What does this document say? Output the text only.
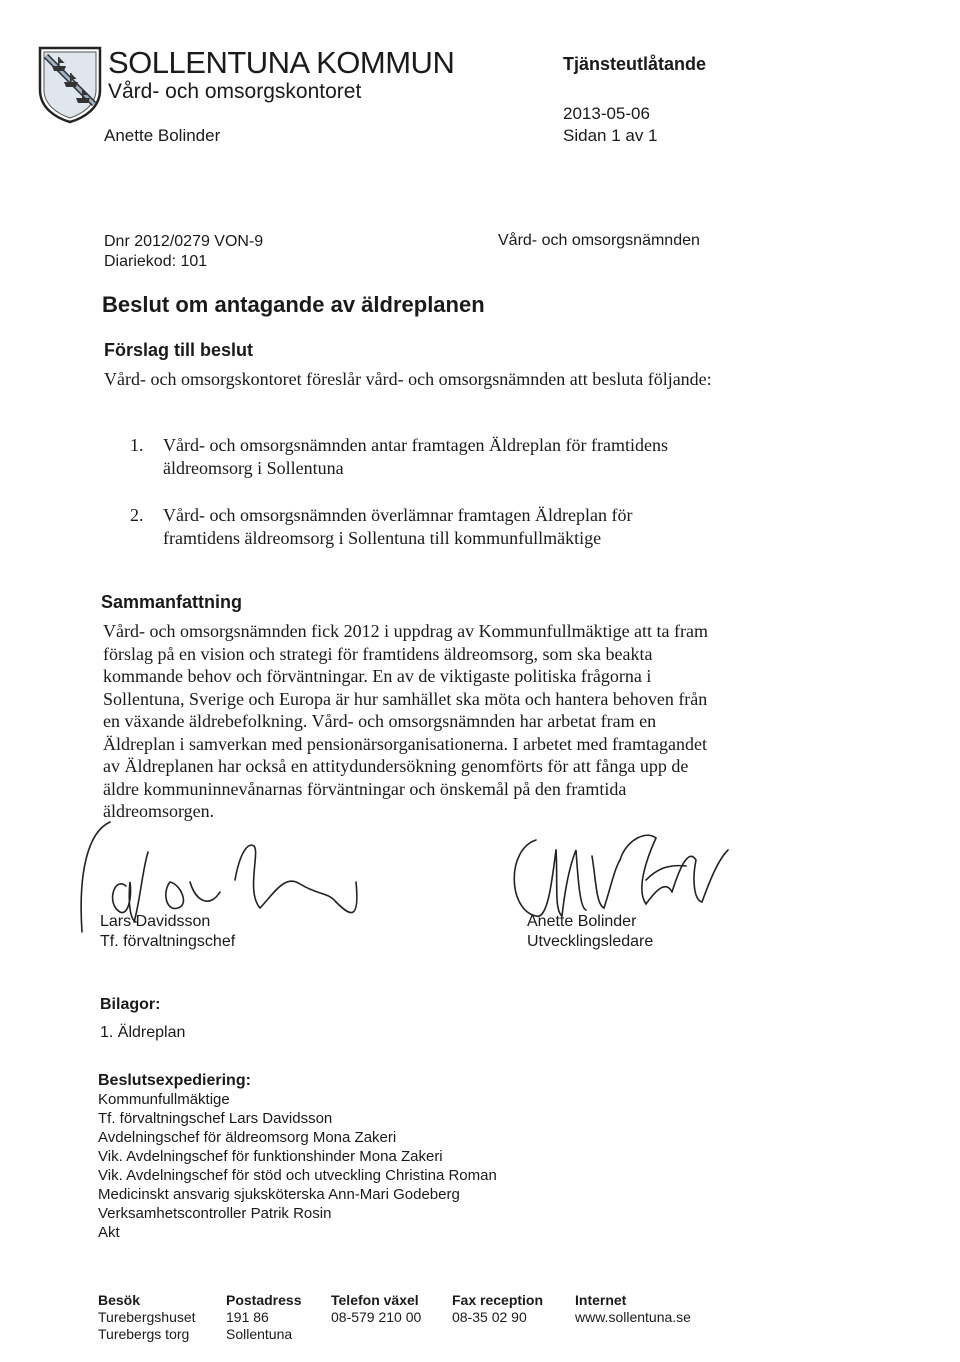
SOLLENTUNA KOMMUN
Vård- och omsorgskontoret
Anette Bolinder
Tjänsteutlåtande
2013-05-06
Sidan 1 av 1
Dnr 2012/0279 VON-9
Diariekod: 101
Vård- och omsorgsnämnden
Beslut om antagande av äldreplanen
Förslag till beslut
Vård- och omsorgskontoret föreslår vård- och omsorgsnämnden att besluta följande:
1. Vård- och omsorgsnämnden antar framtagen Äldreplan för framtidens äldreomsorg i Sollentuna
2. Vård- och omsorgsnämnden överlämnar framtagen Äldreplan för framtidens äldreomsorg i Sollentuna till kommunfullmäktige
Sammanfattning
Vård- och omsorgsnämnden fick 2012 i uppdrag av Kommunfullmäktige att ta fram förslag på en vision och strategi för framtidens äldreomsorg, som ska beakta kommande behov och förväntningar. En av de viktigaste politiska frågorna i Sollentuna, Sverige och Europa är hur samhället ska möta och hantera behoven från en växande äldrebefolkning. Vård- och omsorgsnämnden har arbetat fram en Äldreplan i samverkan med pensionärsorganisationerna. I arbetet med framtagandet av Äldreplanen har också en attitydundersökning genomförts för att fånga upp de äldre kommuninnevånarnas förväntningar och önskemål på den framtida äldreomsorgen.
Lars Davidsson
Tf. förvaltningschef
Anette Bolinder
Utvecklingsledare
Bilagor:
1. Äldreplan
Beslutsexpediering:
Kommunfullmäktige
Tf. förvaltningschef Lars Davidsson
Avdelningschef för äldreomsorg Mona Zakeri
Vik. Avdelningschef för funktionshinder Mona Zakeri
Vik. Avdelningschef för stöd och utveckling Christina Roman
Medicinskt ansvarig sjuksköterska Ann-Mari Godeberg
Verksamhetscontroller Patrik Rosin
Akt
Besök
Turebergshuset
Turebergs torg
Postadress
191 86
Sollentuna
Telefon växel
08-579 210 00
Fax reception
08-35 02 90
Internet
www.sollentuna.se
